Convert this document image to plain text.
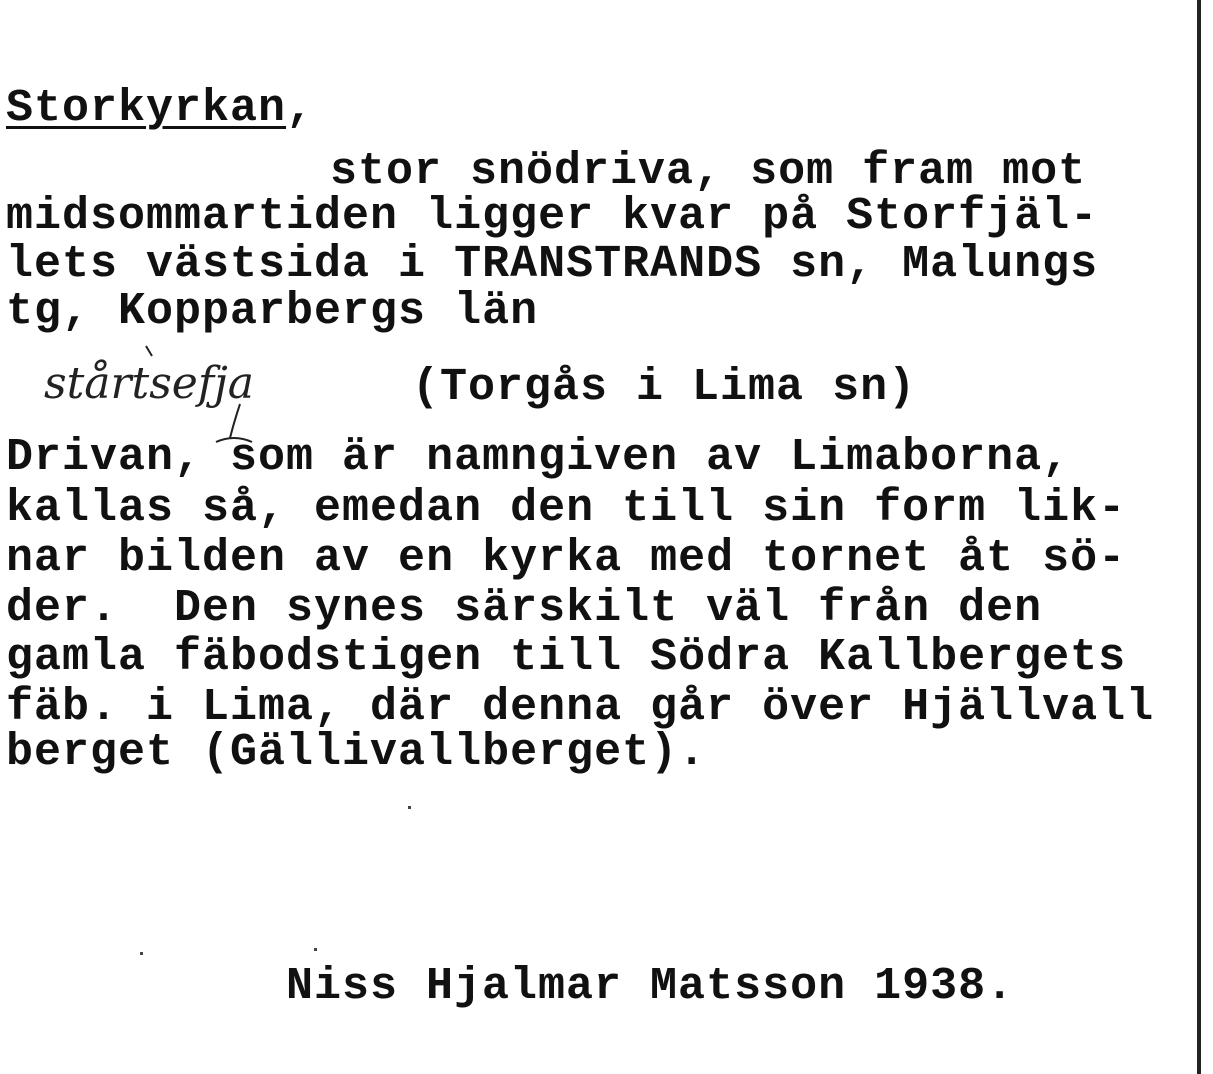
Storkyrkan,

stor snödriva, som fram mot

midsommartiden ligger kvar på Storfjäl-

lets västsida i TRANSTRANDS sn, Malungs

tg, Kopparbergs län

stårtsefja	(Torgås i Lima sn)

Drivan, som är namngiven av Limaborna,

kallas så, emedan den till sin form lik-

nar bilden av en kyrka med tornet åt sö-

der.  Den synes särskilt väl från den

gamla fäbodstigen till Södra Kallbergets

fäb. i Lima, där denna går över Hjällvall

berget (Gällivallberget).

Niss Hjalmar Matsson 1938.
